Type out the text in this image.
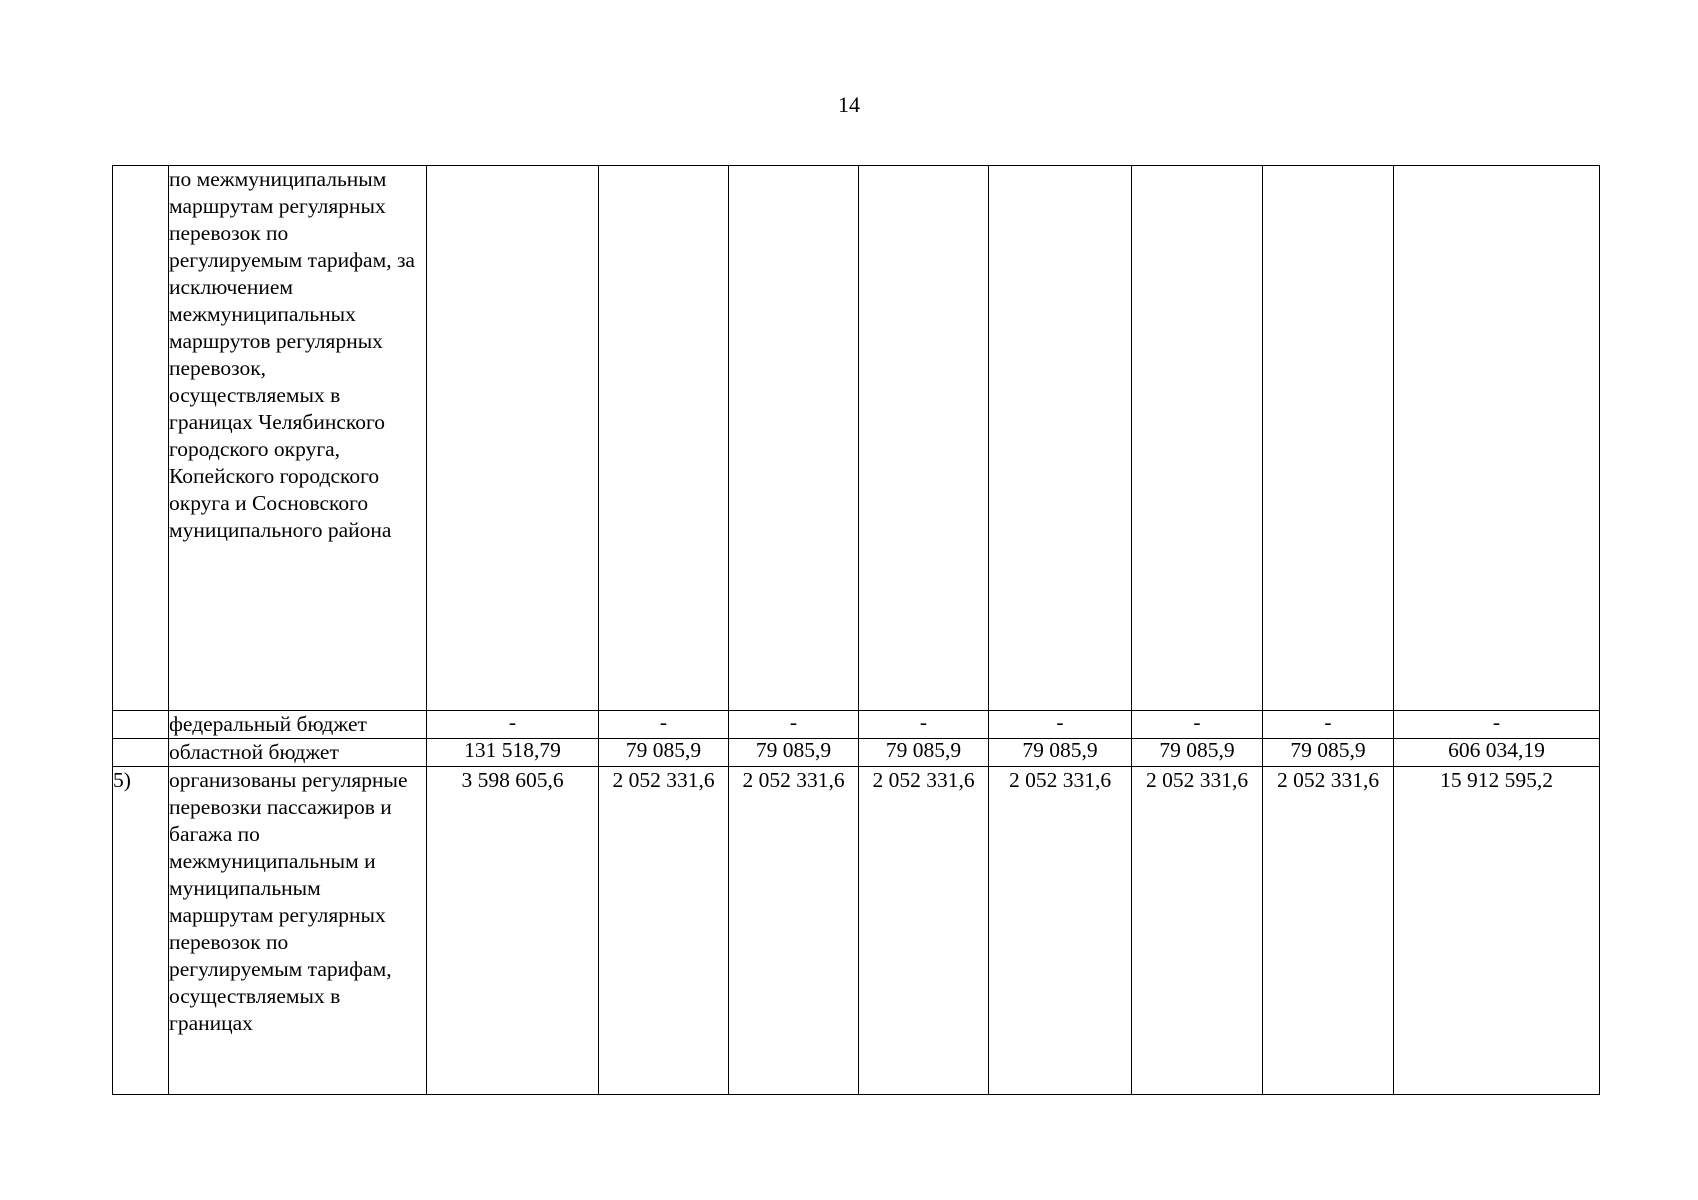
14
	по межмуниципальным маршрутам регулярных перевозок по регулируемым тарифам, за исключением межмуниципальных маршрутов регулярных перевозок, осуществляемых в границах Челябинского городского округа, Копейского городского округа и Сосновского муниципального района								
	федеральный бюджет	-	-	-	-	-	-	-	-
	областной бюджет	131 518,79	79 085,9	79 085,9	79 085,9	79 085,9	79 085,9	79 085,9	606 034,19
5)	организованы регулярные перевозки пассажиров и багажа по межмуниципальным и муниципальным маршрутам регулярных перевозок по регулируемым тарифам, осуществляемых в границах	3 598 605,6	2 052 331,6	2 052 331,6	2 052 331,6	2 052 331,6	2 052 331,6	2 052 331,6	15 912 595,2
